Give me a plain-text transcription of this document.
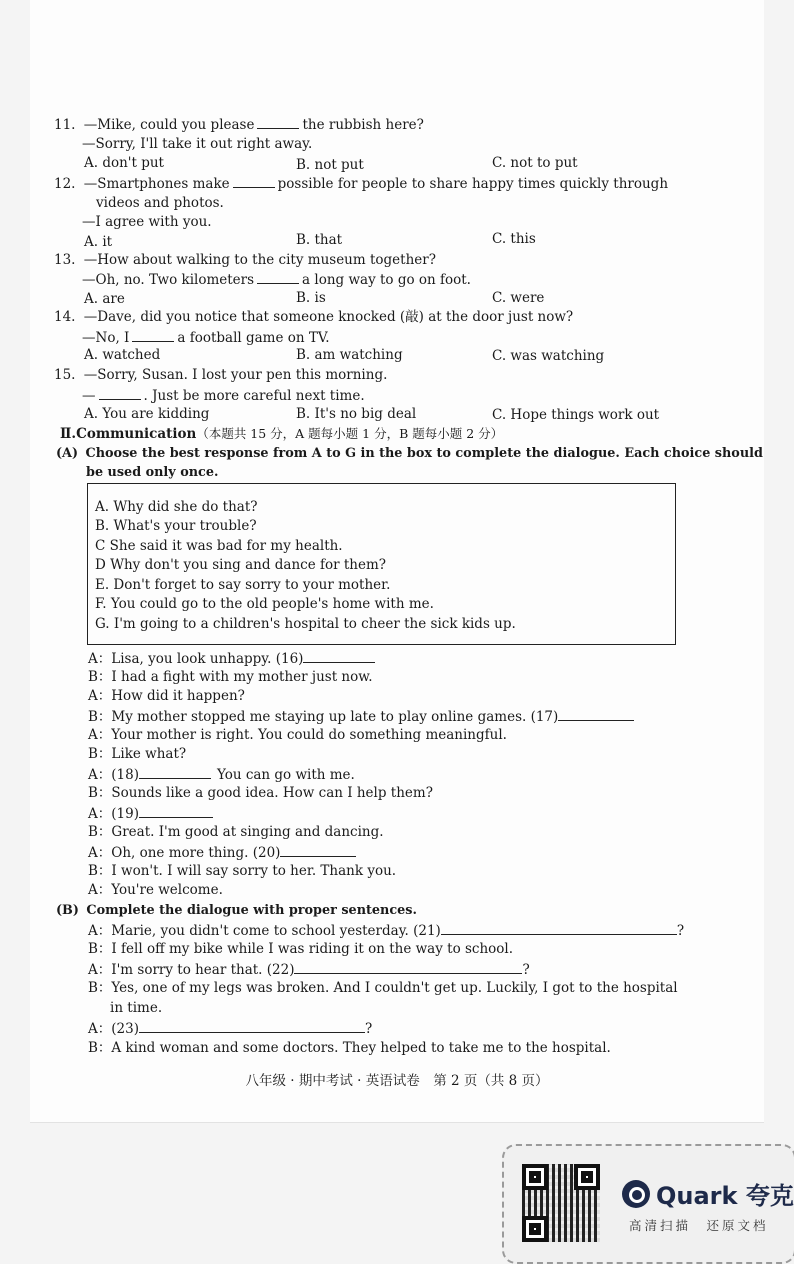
11. —Mike, could you please	the rubbish here?
—Sorry, I'll take it out right away.
A. don't put	B. not put	C. not to put
12. —Smartphones make	possible for people to share happy times quickly through
videos and photos.
—I agree with you.
A. it	B. that	C. this
13. —How about walking to the city museum together?
—Oh, no. Two kilometers	a long way to go on foot.
A. are	B. is	C. were
14. —Dave, did you notice that someone knocked (敲) at the door just now?
—No, I	a football game on TV.
A. watched	B. am watching	C. was watching
15. —Sorry, Susan. I lost your pen this morning.
—	. Just be more careful next time.
A. You are kidding	B. It's no big deal	C. Hope things work out
Ⅱ.Communication（本题共 15 分，A 题每小题 1 分，B 题每小题 2 分）
(A) Choose the best response from A to G in the box to complete the dialogue. Each choice should
be used only once.
A. Why did she do that?
B. What's your trouble?
C She said it was bad for my health.
D Why don't you sing and dance for them?
E. Don't forget to say sorry to your mother.
F. You could go to the old people's home with me.
G. I'm going to a children's hospital to cheer the sick kids up.
A：Lisa, you look unhappy. (16)
B：I had a fight with my mother just now.
A：How did it happen?
B：My mother stopped me staying up late to play online games. (17)
A：Your mother is right. You could do something meaningful.
B：Like what?
A：(18)	You can go with me.
B：Sounds like a good idea. How can I help them?
A：(19)
B：Great. I'm good at singing and dancing.
A：Oh, one more thing. (20)
B：I won't. I will say sorry to her. Thank you.
A：You're welcome.
(B) Complete the dialogue with proper sentences.
A：Marie, you didn't come to school yesterday. (21)	?
B：I fell off my bike while I was riding it on the way to school.
A：I'm sorry to hear that. (22)	?
B：Yes, one of my legs was broken. And I couldn't get up. Luckily, I got to the hospital
in time.
A：(23)	?
B：A kind woman and some doctors. They helped to take me to the hospital.
八年级 · 期中考试 · 英语试卷　第 2 页（共 8 页）
Quark 夸克
高清扫描　还原文档
